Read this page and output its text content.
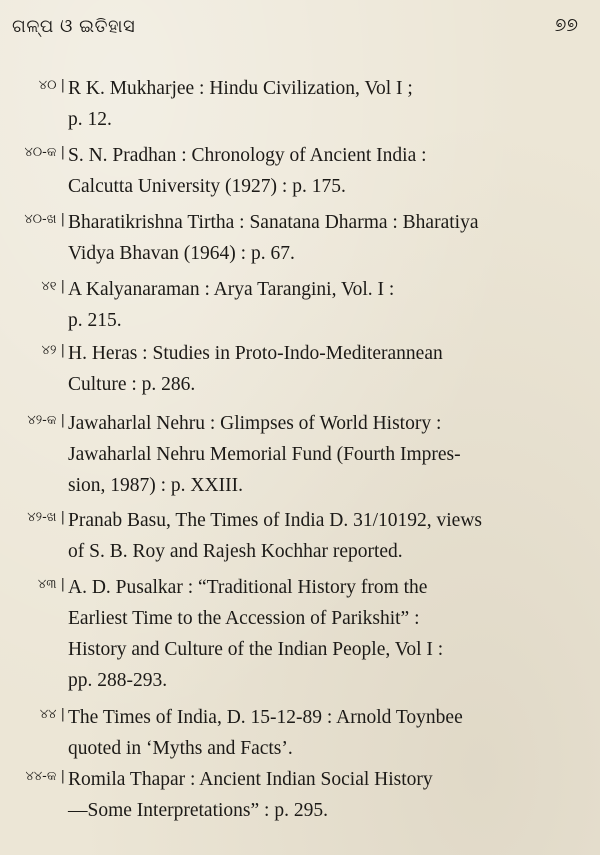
ଗଳ୍ପ ଓ ଇତିହାସ	୭୭
୪୦ | R K. Mukharjee : Hindu Civilization, Vol I ;
p. 12.
୪୦-କ | S. N. Pradhan : Chronology of Ancient India :
Calcutta University (1927) : p. 175.
୪୦-ଖ | Bharatikrishna Tirtha : Sanatana Dharma : Bharatiya
Vidya Bhavan (1964) : p. 67.
୪୧ | A Kalyanaraman : Arya Tarangini, Vol. I :
p. 215.
୪୨ | H. Heras : Studies in Proto-Indo-Mediterannean
Culture : p. 286.
୪୨-କ | Jawaharlal Nehru : Glimpses of World History :
Jawaharlal Nehru Memorial Fund (Fourth Impres-
sion, 1987) : p. XXIII.
୪୨-ଖ | Pranab Basu, The Times of India D. 31/10192, views
of S. B. Roy and Rajesh Kochhar reported.
୪୩ | A. D. Pusalkar : “Traditional History from the
Earliest Time to the Accession of Parikshit” :
History and Culture of the Indian People, Vol I :
pp. 288-293.
୪୪ | The Times of India, D. 15-12-89 : Arnold Toynbee
quoted in ‘Myths and Facts’.
୪୪-କ | Romila Thapar : Ancient Indian Social History
—Some Interpretations” : p. 295.
